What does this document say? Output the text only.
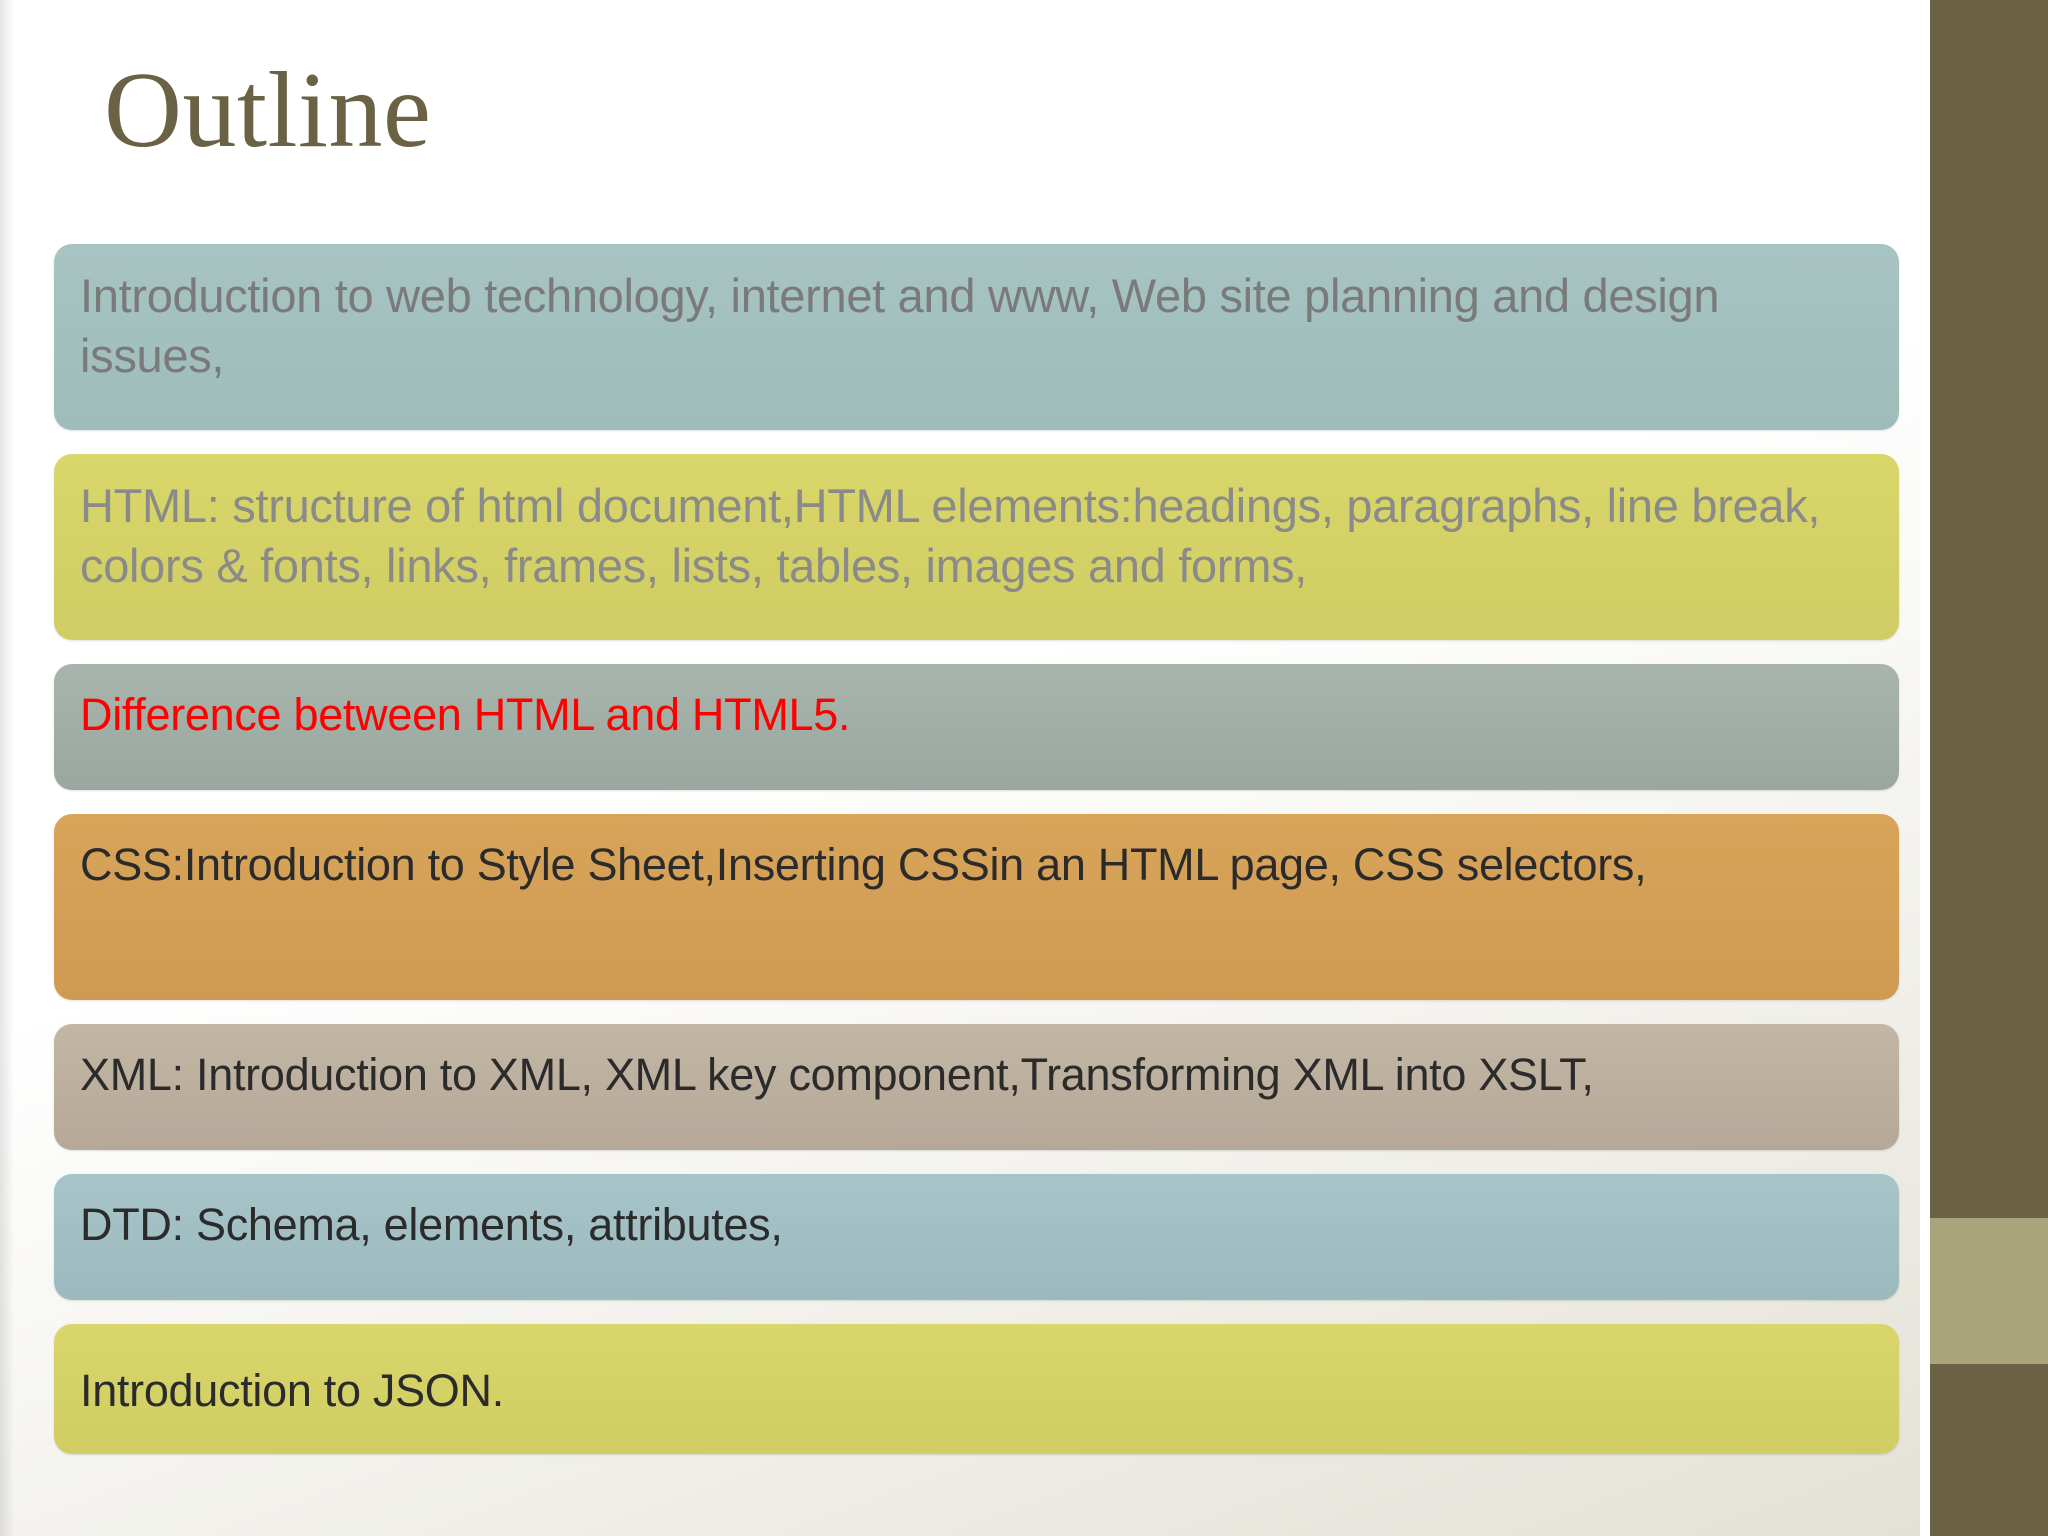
Outline
Introduction to web technology, internet and www, Web site planning and design issues,
HTML: structure of html document,HTML elements:headings, paragraphs, line break, colors & fonts, links, frames, lists, tables, images and forms,
Difference between HTML and HTML5.
CSS:Introduction to Style Sheet,Inserting CSSin an HTML page, CSS selectors,
XML: Introduction to XML, XML key component,Transforming XML into XSLT,
DTD: Schema, elements, attributes,
Introduction to JSON.
